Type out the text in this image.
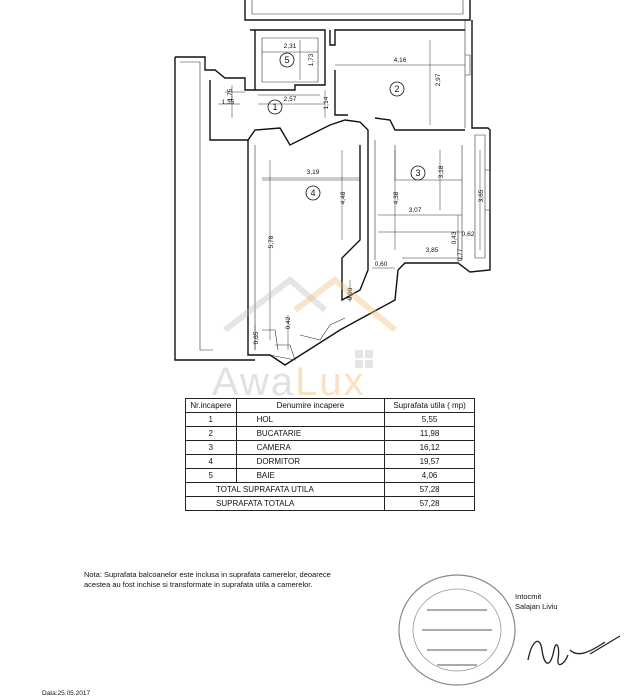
1
2
3
4
5
2,31
1,73	4,16
2,97
1,35
1,75	2,57	1,14
3,19
4,48
5,78
4,38
3,18
3,65
3,07
0,43 0,62
3,85	0,77
0,60
0,90
0,42
0,65
AwaLux
Nr.incapere	Denumire incapere	Suprafata utila ( mp)
1	HOL	5,55
2	BUCATARIE	11,98
3	CAMERA	16,12
4	DORMITOR	19,57
5	BAIE	4,06
TOTAL SUPRAFATA UTILA		57,28
SUPRAFATA TOTALA		57,28
Nota: Suprafata balcoanelor este inclusa in suprafata camerelor, deoarece
acestea au fost inchise si transformate in suprafata utila a camerelor.
Intocmit
Salajan Liviu
Data:25.05.2017
